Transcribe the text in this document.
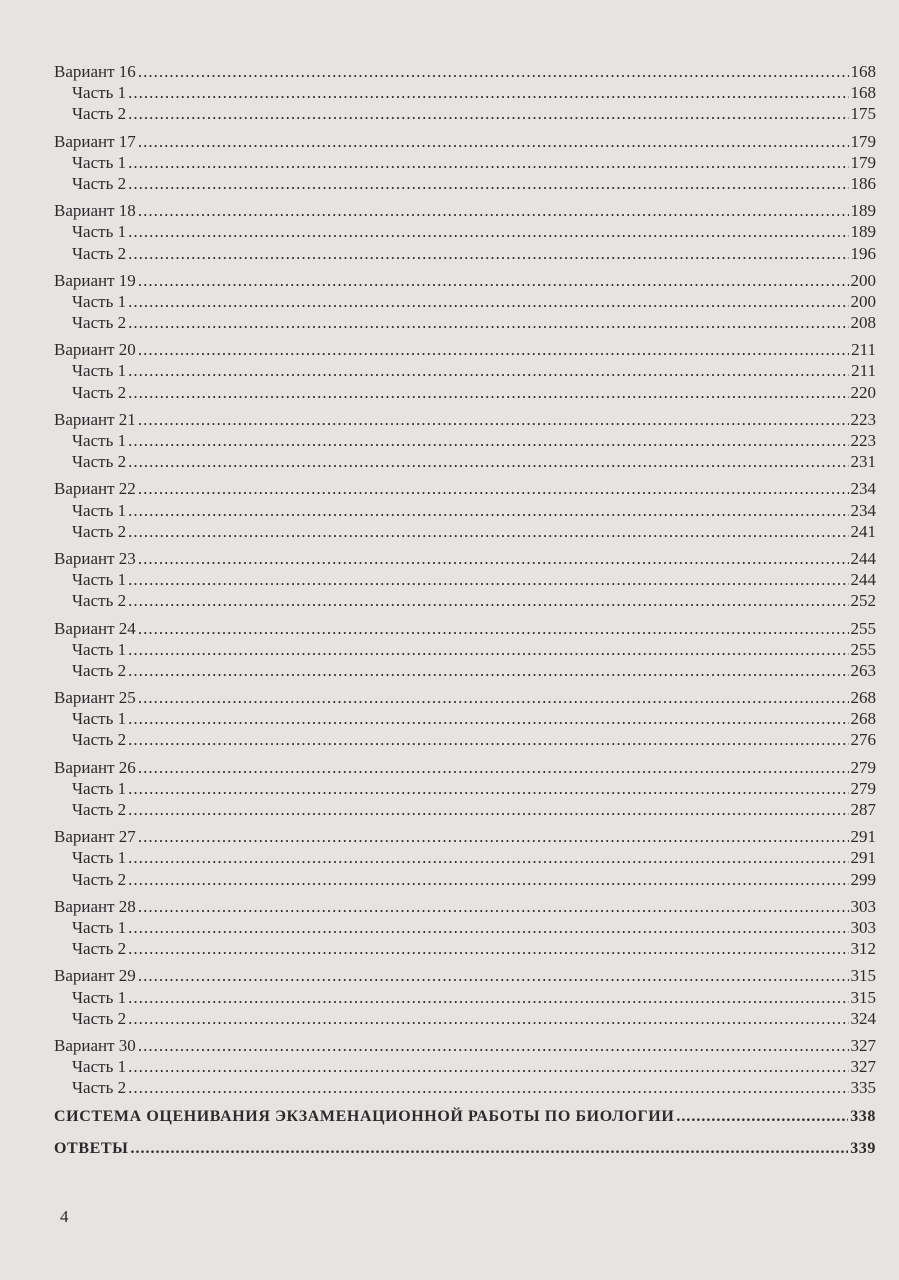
Вариант 16 .....	168
Часть 1 .....	168
Часть 2 .....	175
Вариант 17 .....	179
Часть 1 .....	179
Часть 2 .....	186
Вариант 18 .....	189
Часть 1 .....	189
Часть 2 .....	196
Вариант 19 .....	200
Часть 1 .....	200
Часть 2 .....	208
Вариант 20 .....	211
Часть 1 .....	211
Часть 2 .....	220
Вариант 21 .....	223
Часть 1 .....	223
Часть 2 .....	231
Вариант 22 .....	234
Часть 1 .....	234
Часть 2 .....	241
Вариант 23 .....	244
Часть 1 .....	244
Часть 2 .....	252
Вариант 24 .....	255
Часть 1 .....	255
Часть 2 .....	263
Вариант 25 .....	268
Часть 1 .....	268
Часть 2 .....	276
Вариант 26 .....	279
Часть 1 .....	279
Часть 2 .....	287
Вариант 27 .....	291
Часть 1 .....	291
Часть 2 .....	299
Вариант 28 .....	303
Часть 1 .....	303
Часть 2 .....	312
Вариант 29 .....	315
Часть 1 .....	315
Часть 2 .....	324
Вариант 30 .....	327
Часть 1 .....	327
Часть 2 .....	335
СИСТЕМА ОЦЕНИВАНИЯ ЭКЗАМЕНАЦИОННОЙ РАБОТЫ ПО БИОЛОГИИ .....	338
ОТВЕТЫ .....	339
4
